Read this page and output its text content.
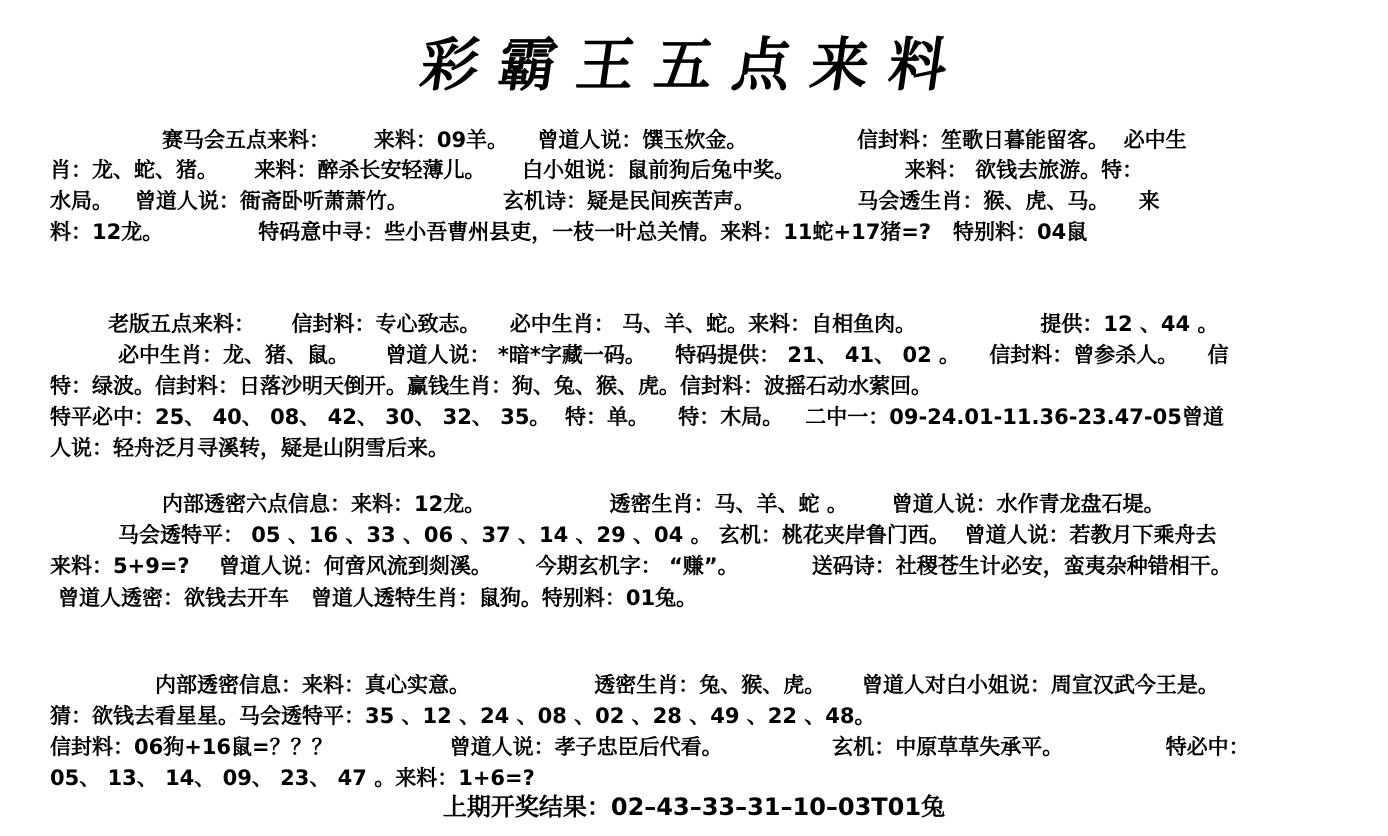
彩霸王五点来料
赛马会五点来料：      来料：09羊。    曾道人说：馔玉炊金。               信封料：笙歌日暮能留客。  必中生
肖：龙、蛇、猪。     来料：醉杀长安轻薄儿。     白小姐说：鼠前狗后兔中奖。               来料： 欲钱去旅游。特：
水局。   曾道人说：衙斋卧听萧萧竹。             玄机诗：疑是民间疾苦声。              马会透生肖：猴、虎、马。    来
料：12龙。             特码意中寻：些小吾曹州县吏，一枝一叶总关情。来料：11蛇+17猪=?   特别料：04鼠
老版五点来料：     信封料：专心致志。    必中生肖： 马、羊、蛇。来料：自相鱼肉。                 提供：12 、44 。
必中生肖：龙、猪、鼠。     曾道人说： *暗*字藏一码。    特码提供： 21、 41、 02 。    信封料：曾参杀人。    信
特：绿波。信封料：日落沙明天倒开。赢钱生肖：狗、兔、猴、虎。信封料：波摇石动水萦回。
特平必中：25、 40、 08、 42、 30、 32、 35。  特：单。    特：木局。   二中一：09-24.01-11.36-23.47-05曾道
人说：轻舟泛月寻溪转，疑是山阴雪后来。
内部透密六点信息：来料：12龙。                 透密生肖：马、羊、蛇 。      曾道人说：水作青龙盘石堤。
马会透特平： 05 、16 、33 、06 、37 、14 、29 、04 。 玄机：桃花夹岸鲁门西。  曾道人说：若教月下乘舟去
来料：5+9=?    曾道人说：何啻风流到剡溪。      今期玄机字： “赚”。          送码诗：社稷苍生计必安，蛮夷杂种错相干。
曾道人透密：欲钱去开车   曾道人透特生肖：鼠狗。特别料：01兔。
内部透密信息：来料：真心实意。                 透密生肖：兔、猴、虎。     曾道人对白小姐说：周宣汉武今王是。
猜：欲钱去看星星。马会透特平：35 、12 、24 、08 、02 、28 、49 、22 、48。
信封料：06狗+16鼠=？？？                曾道人说：孝子忠臣后代看。               玄机：中原草草失承平。              特必中：
05、 13、 14、 09、 23、 47 。来料：1+6=?
上期开奖结果：02–43–33–31–10–03T01兔
